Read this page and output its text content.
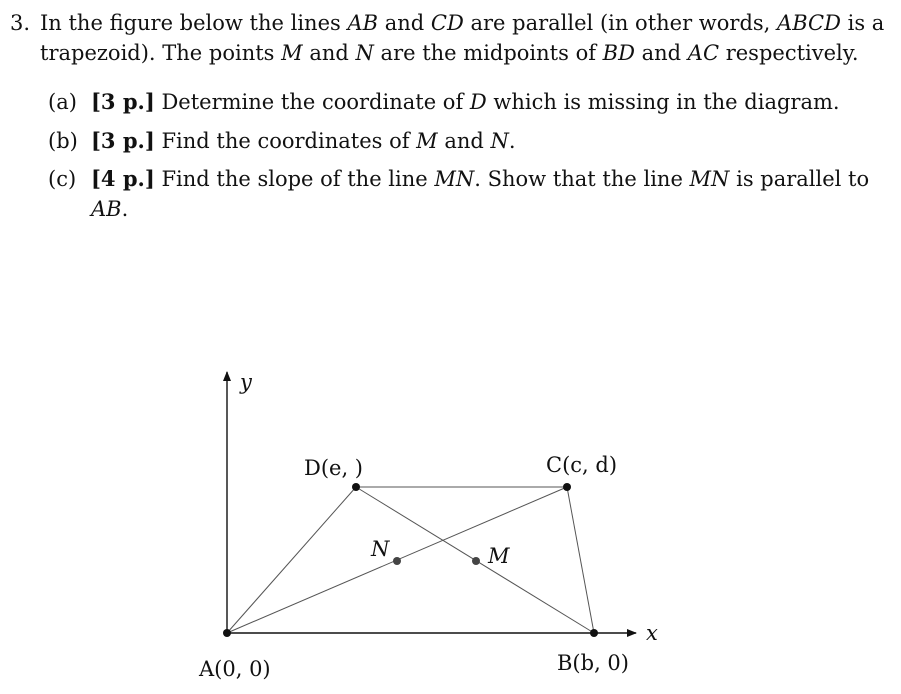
3. In the figure below the lines AB and CD are parallel (in other words, ABCD is a
trapezoid). The points M and N are the midpoints of BD and AC respectively.
(a) [3 p.] Determine the coordinate of D which is missing in the diagram.
(b) [3 p.] Find the coordinates of M and N.
(c) [4 p.] Find the slope of the line MN. Show that the line MN is parallel to
AB.
y
x
A(0, 0)	B(b, 0)
C(c, d)
D(e, )
N	M
